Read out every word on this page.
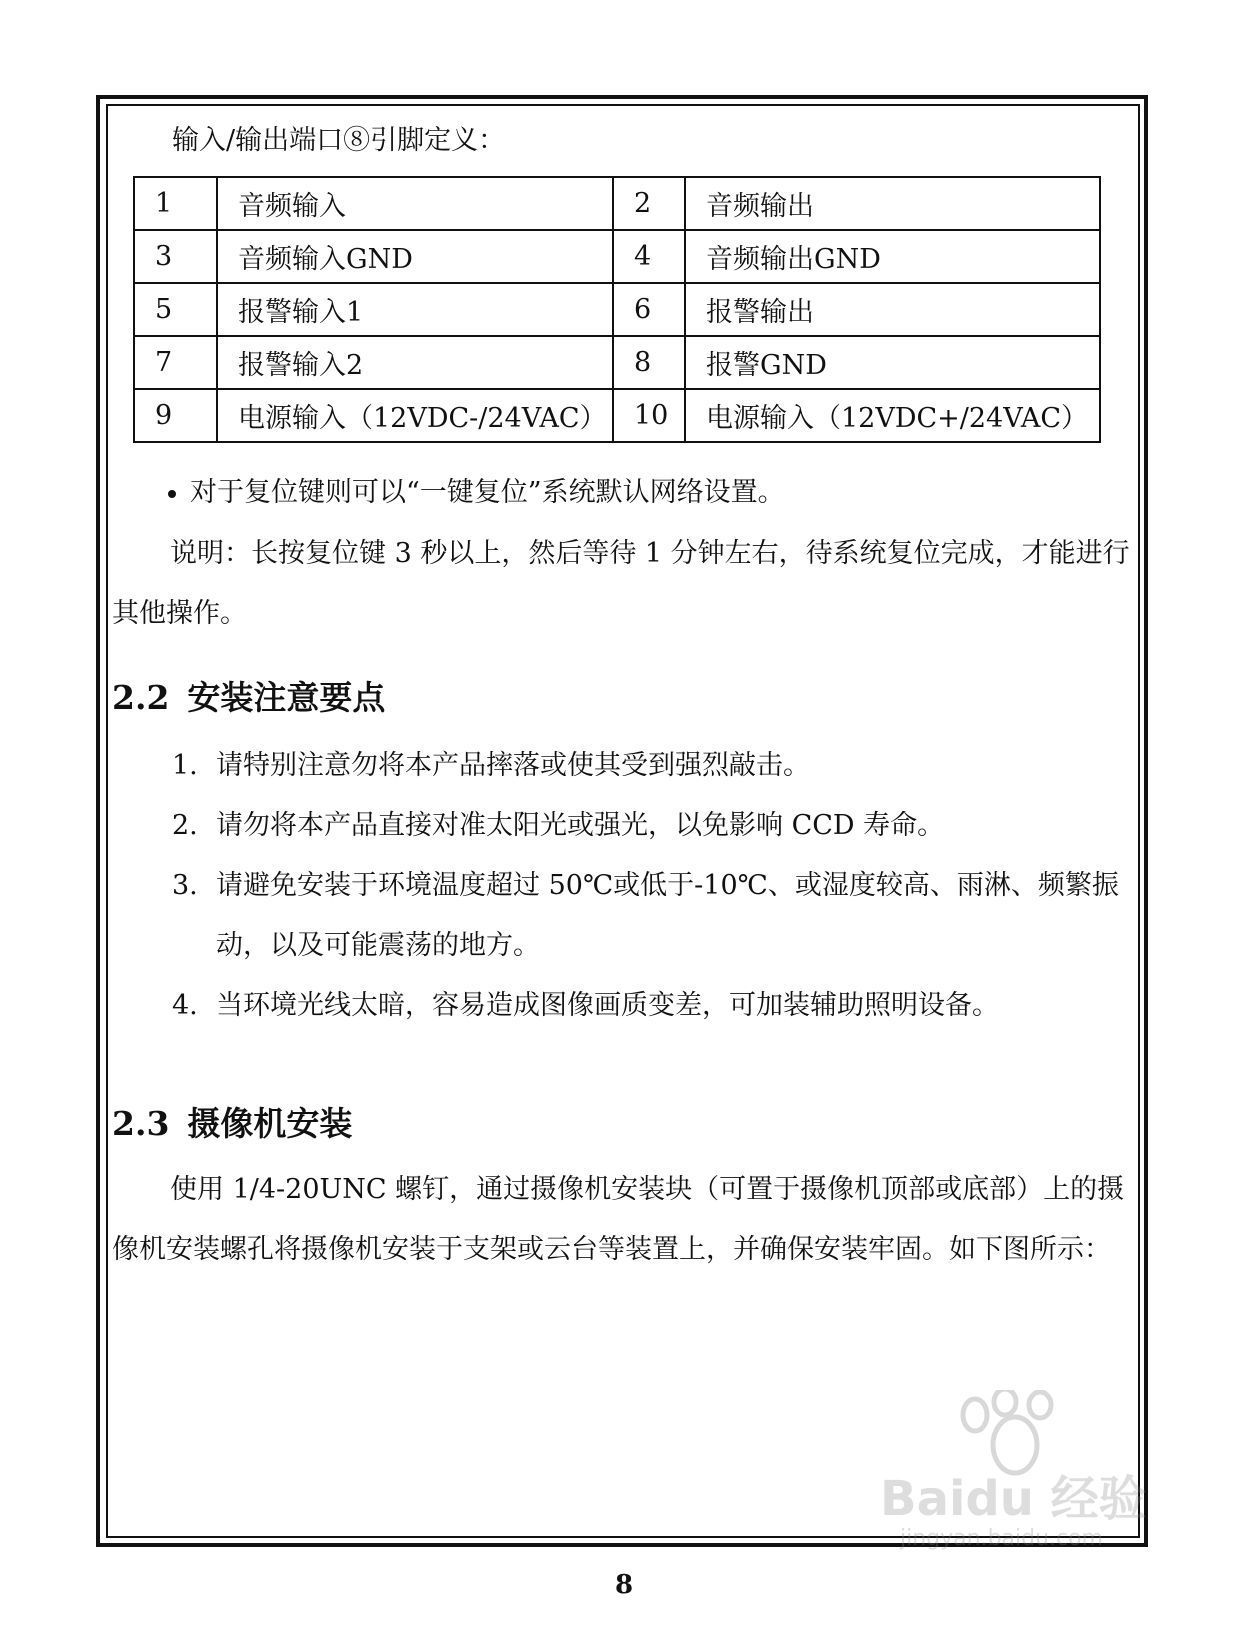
输入/输出端口⑧引脚定义：
1	音频输入	2	音频输出
3	音频输入GND	4	音频输出GND
5	报警输入1	6	报警输出
7	报警输入2	8	报警GND
9	电源输入（12VDC-/24VAC）	10	电源输入（12VDC+/24VAC）
对于复位键则可以“一键复位”系统默认网络设置。
说明：长按复位键 3 秒以上，然后等待 1 分钟左右，待系统复位完成，才能进行其他操作。
2.2 安装注意要点
1. 请特别注意勿将本产品摔落或使其受到强烈敲击。
2. 请勿将本产品直接对准太阳光或强光，以免影响 CCD 寿命。
3. 请避免安装于环境温度超过 50℃或低于-10℃、或湿度较高、雨淋、频繁振动，以及可能震荡的地方。
4. 当环境光线太暗，容易造成图像画质变差，可加装辅助照明设备。
2.3 摄像机安装
使用 1/4-20UNC 螺钉，通过摄像机安装块（可置于摄像机顶部或底部）上的摄像机安装螺孔将摄像机安装于支架或云台等装置上，并确保安装牢固。如下图所示：
8
Baidu 经验
jingyan.baidu.com
